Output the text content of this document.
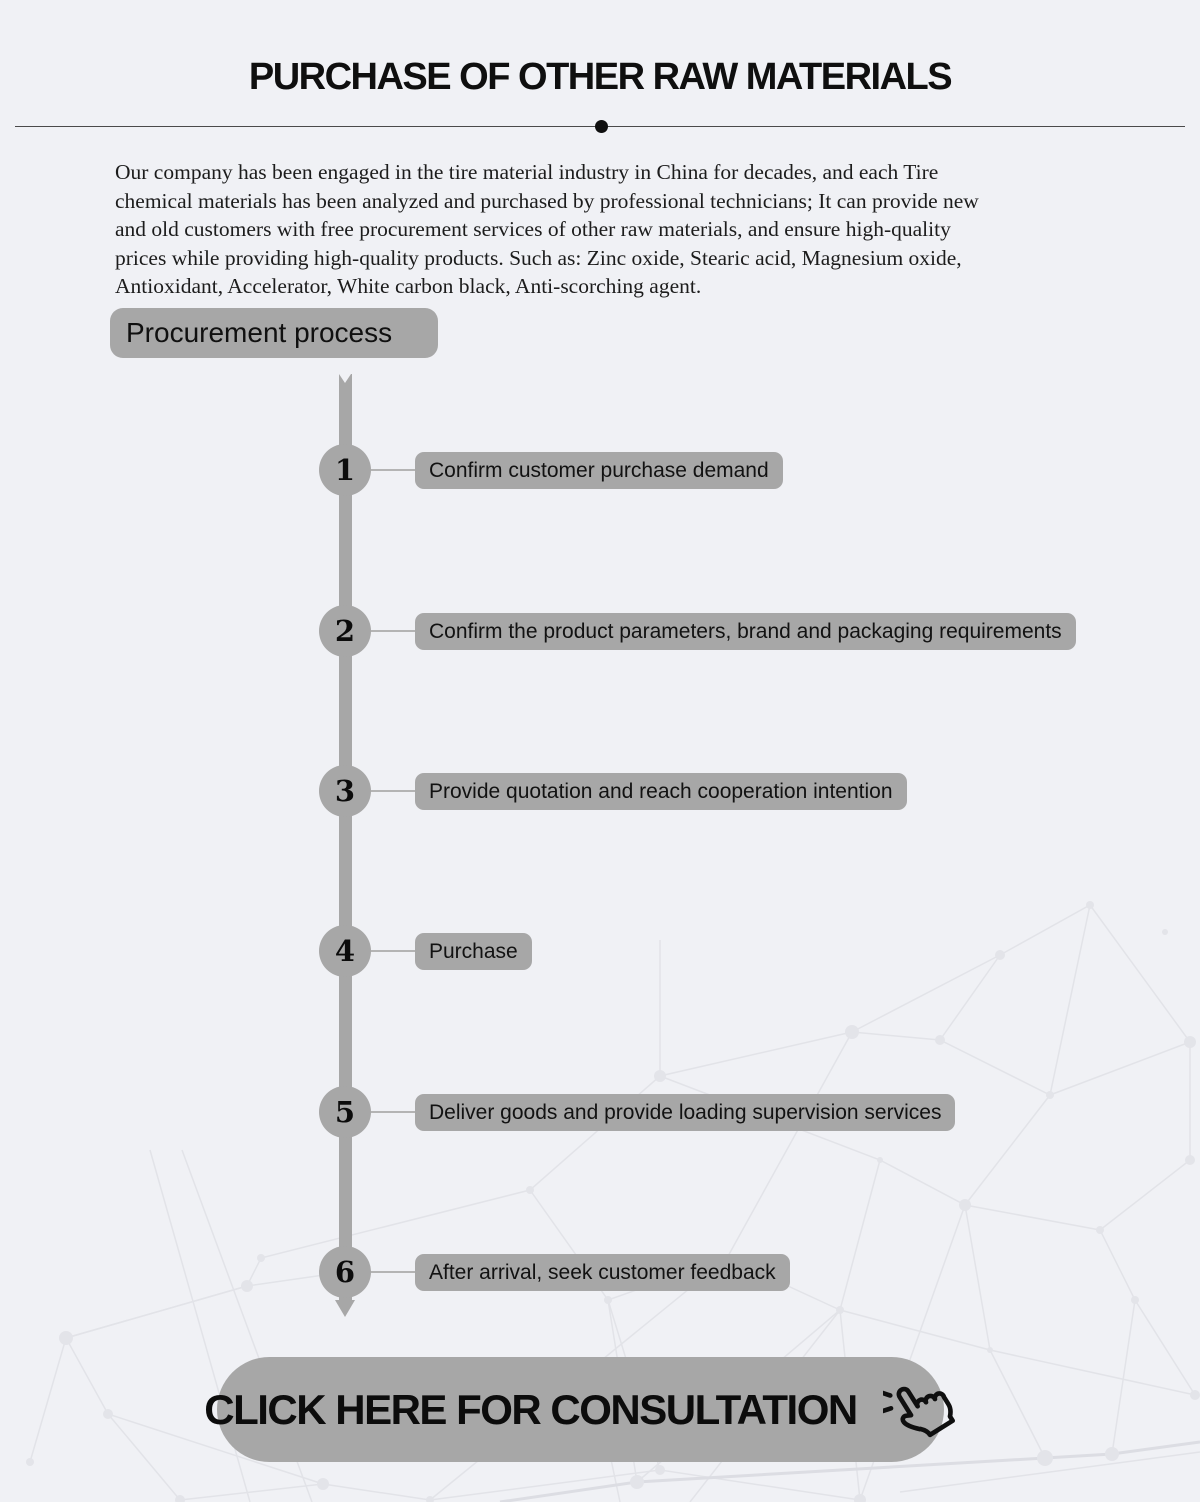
PURCHASE OF OTHER RAW MATERIALS
Our company has been engaged in the tire material industry in China for decades, and each Tire
chemical materials has been analyzed and purchased by professional technicians; It can provide new
and old customers with free procurement services of other raw materials, and ensure high-quality
prices while providing high-quality products. Such as: Zinc oxide, Stearic acid, Magnesium oxide,
Antioxidant, Accelerator, White carbon black, Anti-scorching agent.
Procurement process
1	Confirm customer purchase demand
2	Confirm the product parameters, brand and packaging requirements
3	Provide quotation and reach cooperation intention
4	Purchase
5	Deliver goods and provide loading supervision services
6	After arrival, seek customer feedback
CLICK HERE FOR CONSULTATION
